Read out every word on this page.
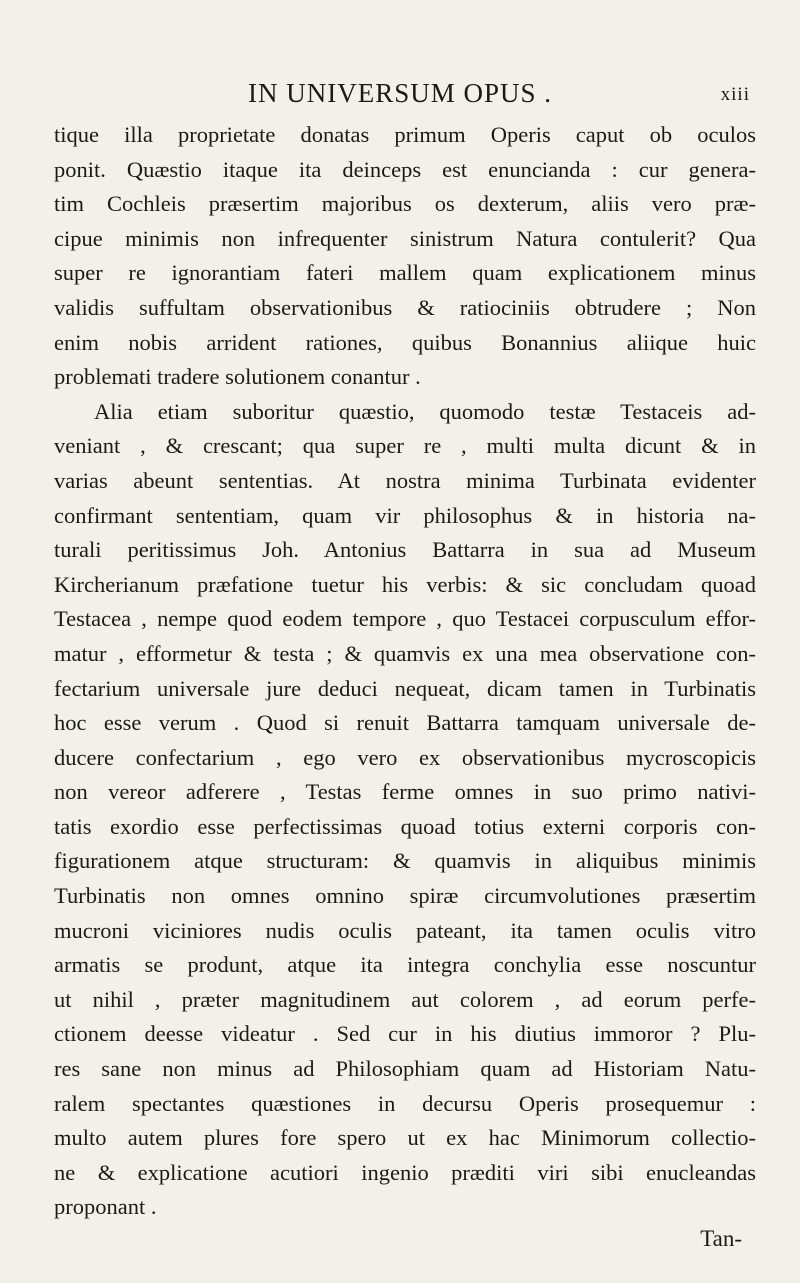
IN UNIVERSUM OPUS .	xiii
tique illa proprietate donatas primum Operis caput ob oculos
ponit. Quæstio itaque ita deinceps est enuncianda : cur genera-
tim Cochleis præsertim majoribus os dexterum, aliis vero præ-
cipue minimis non infrequenter sinistrum Natura contulerit? Qua
super re ignorantiam fateri mallem quam explicationem minus
validis suffultam observationibus & ratiociniis obtrudere ; Non
enim nobis arrident rationes, quibus Bonannius aliique huic
problemati tradere solutionem conantur .
Alia etiam suboritur quæstio, quomodo testæ Testaceis ad-
veniant , & crescant; qua super re , multi multa dicunt & in
varias abeunt sententias. At nostra minima Turbinata evidenter
confirmant sententiam, quam vir philosophus & in historia na-
turali peritissimus Joh. Antonius Battarra in sua ad Museum
Kircherianum præfatione tuetur his verbis: & sic concludam quoad
Testacea , nempe quod eodem tempore , quo Testacei corpusculum effor-
matur , efformetur & testa ; & quamvis ex una mea observatione con-
fectarium universale jure deduci nequeat, dicam tamen in Turbinatis
hoc esse verum . Quod si renuit Battarra tamquam universale de-
ducere confectarium , ego vero ex observationibus mycroscopicis
non vereor adferere , Testas ferme omnes in suo primo nativi-
tatis exordio esse perfectissimas quoad totius externi corporis con-
figurationem atque structuram: & quamvis in aliquibus minimis
Turbinatis non omnes omnino spiræ circumvolutiones præsertim
mucroni viciniores nudis oculis pateant, ita tamen oculis vitro
armatis se produnt, atque ita integra conchylia esse noscuntur
ut nihil , præter magnitudinem aut colorem , ad eorum perfe-
ctionem deesse videatur . Sed cur in his diutius immoror ? Plu-
res sane non minus ad Philosophiam quam ad Historiam Natu-
ralem spectantes quæstiones in decursu Operis prosequemur :
multo autem plures fore spero ut ex hac Minimorum collectio-
ne & explicatione acutiori ingenio præditi viri sibi enucleandas
proponant .
Tan-
